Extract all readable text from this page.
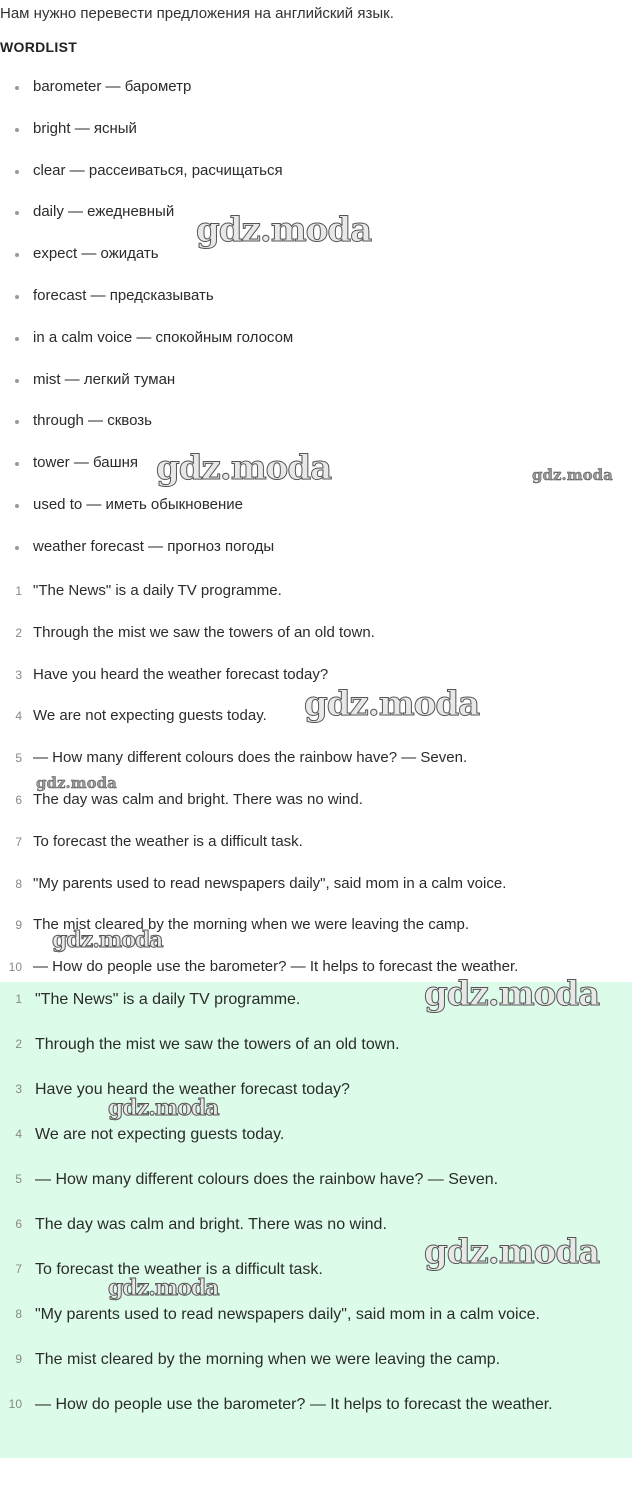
Нам нужно перевести предложения на английский язык.
WORDLIST
barometer — барометр
bright — ясный
clear — рассеиваться, расчищаться
daily — ежедневный
expect — ожидать
forecast — предсказывать
in a calm voice — спокойным голосом
mist — легкий туман
through — сквозь
tower — башня
used to — иметь обыкновение
weather forecast — прогноз погоды
1 "The News" is a daily TV programme.
2 Through the mist we saw the towers of an old town.
3 Have you heard the weather forecast today?
4 We are not expecting guests today.
5 — How many different colours does the rainbow have? — Seven.
6 The day was calm and bright. There was no wind.
7 To forecast the weather is a difficult task.
8 "My parents used to read newspapers daily", said mom in a calm voice.
9 The mist cleared by the morning when we were leaving the camp.
10 — How do people use the barometer? — It helps to forecast the weather.
1 "The News" is a daily TV programme.
2 Through the mist we saw the towers of an old town.
3 Have you heard the weather forecast today?
4 We are not expecting guests today.
5 — How many different colours does the rainbow have? — Seven.
6 The day was calm and bright. There was no wind.
7 To forecast the weather is a difficult task.
8 "My parents used to read newspapers daily", said mom in a calm voice.
9 The mist cleared by the morning when we were leaving the camp.
10 — How do people use the barometer? — It helps to forecast the weather.
gdz.moda
gdz.moda	gdz.moda
gdz.moda
gdz.moda
gdz.moda
gdz.moda
gdz.moda
gdz.moda
gdz.moda
